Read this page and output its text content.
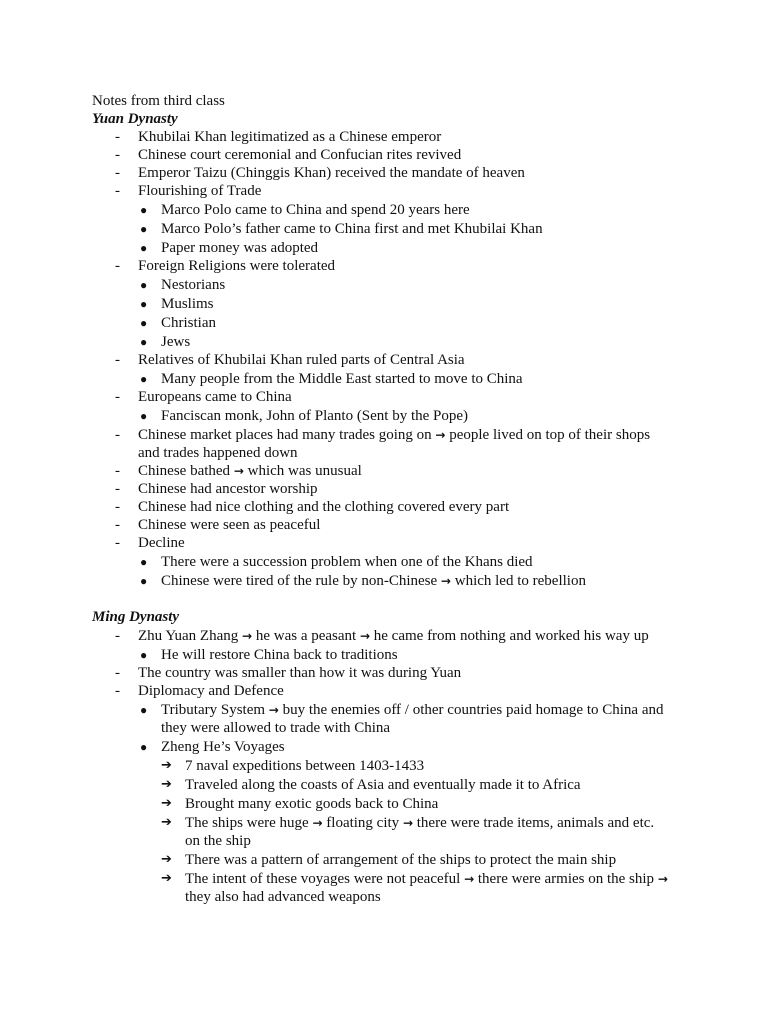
Notes from third class
Yuan Dynasty
-
-
-
-
●
●
●
-
●
●
●
●
-
●
-
●
-
-
-
-
-
-
●
●
Khubilai Khan legitimatized as a Chinese emperor
Chinese court ceremonial and Confucian rites revived
Emperor Taizu (Chinggis Khan) received the mandate of heaven
Flourishing of Trade
Marco Polo came to China and spend 20 years here
Marco Polo’s father came to China first and met Khubilai Khan
Paper money was adopted
Foreign Religions were tolerated
Nestorians
Muslims
Christian
Jews
Relatives of Khubilai Khan ruled parts of Central Asia
Many people from the Middle East started to move to China
Europeans came to China
Fanciscan monk, John of Planto (Sent by the Pope)
Chinese market places had many trades going on → people lived on top of their shops
and trades happened down
Chinese bathed → which was unusual
Chinese had ancestor worship
Chinese had nice clothing and the clothing covered every part
Chinese were seen as peaceful
Decline
There were a succession problem when one of the Khans died
Chinese were tired of the rule by non-Chinese → which led to rebellion
Ming Dynasty
-
●
-
-
●
●
➔
➔
➔
➔
➔
➔
Zhu Yuan Zhang → he was a peasant → he came from nothing and worked his way up
He will restore China back to traditions
The country was smaller than how it was during Yuan
Diplomacy and Defence
Tributary System → buy the enemies off / other countries paid homage to China and
they were allowed to trade with China
Zheng He’s Voyages
7 naval expeditions between 1403-1433
Traveled along the coasts of Asia and eventually made it to Africa
Brought many exotic goods back to China
The ships were huge → floating city → there were trade items, animals and etc.
on the ship
There was a pattern of arrangement of the ships to protect the main ship
The intent of these voyages were not peaceful → there were armies on the ship →
they also had advanced weapons
